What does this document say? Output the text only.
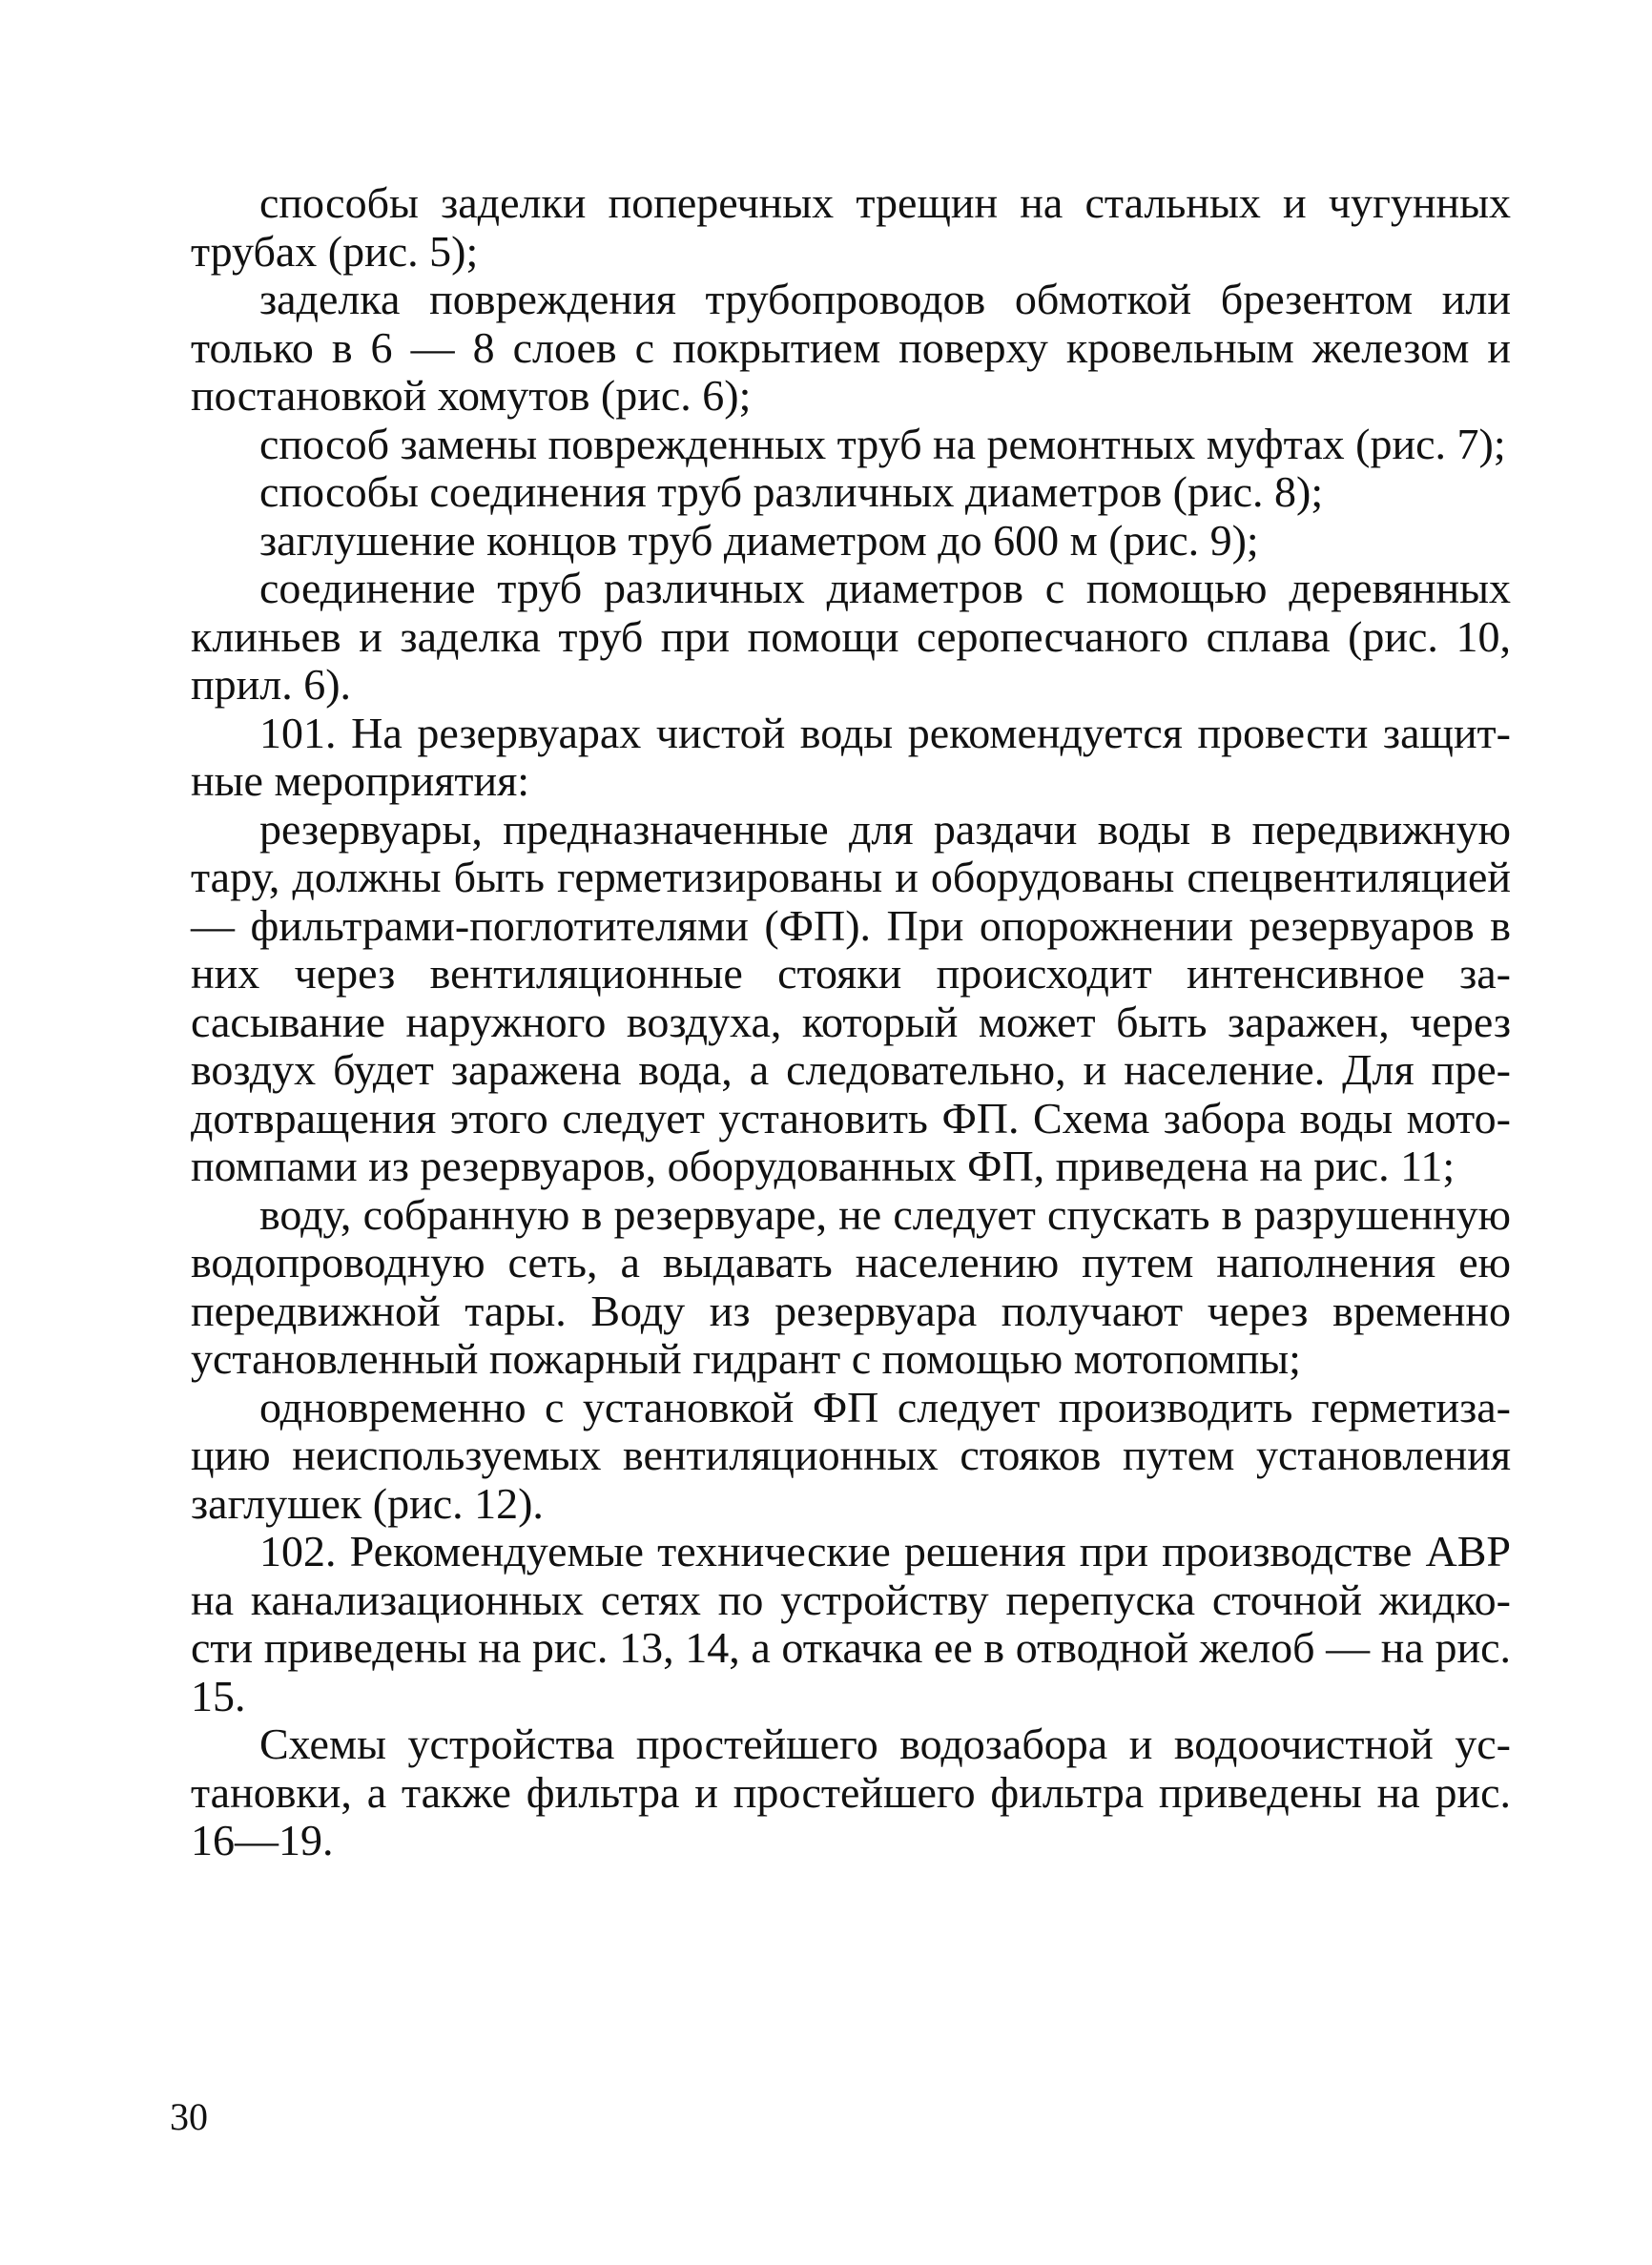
способы заделки поперечных трещин на стальных и чугунных трубах (рис. 5);

заделка повреждения трубопроводов обмоткой брезентом или только в 6 — 8 слоев с покрытием поверху кровельным железом и постановкой хомутов (рис. 6);

способ замены поврежденных труб на ремонтных муфтах (рис. 7);

способы соединения труб различных диаметров (рис. 8);

заглушение концов труб диаметром до 600 м (рис. 9);

соединение труб различных диаметров с помощью деревянных клиньев и заделка труб при помощи серопесчаного сплава (рис. 10, прил. 6).

101. На резервуарах чистой воды рекомендуется провести защитные мероприятия:

резервуары, предназначенные для раздачи воды в передвижную тару, должны быть герметизированы и оборудованы спецвентиляцией — фильтрами-поглотителями (ФП). При опорожнении резервуаров в них через вентиляционные стояки происходит интенсивное засасывание наружного воздуха, который может быть заражен, через воздух будет заражена вода, а следовательно, и население. Для предотвращения этого следует установить ФП. Схема забора воды мотопомпами из резервуаров, оборудованных ФП, приведена на рис. 11;

воду, собранную в резервуаре, не следует спускать в разрушенную водопроводную сеть, а выдавать населению путем наполнения ею передвижной тары. Воду из резервуара получают через временно установленный пожарный гидрант с помощью мотопомпы;

одновременно с установкой ФП следует производить герметизацию неиспользуемых вентиляционных стояков путем установления заглушек (рис. 12).

102. Рекомендуемые технические решения при производстве АВР на канализационных сетях по устройству перепуска сточной жидкости приведены на рис. 13, 14, а откачка ее в отводной желоб — на рис. 15.

Схемы устройства простейшего водозабора и водоочистной установки, а также фильтра и простейшего фильтра приведены на рис. 16—19.

30
